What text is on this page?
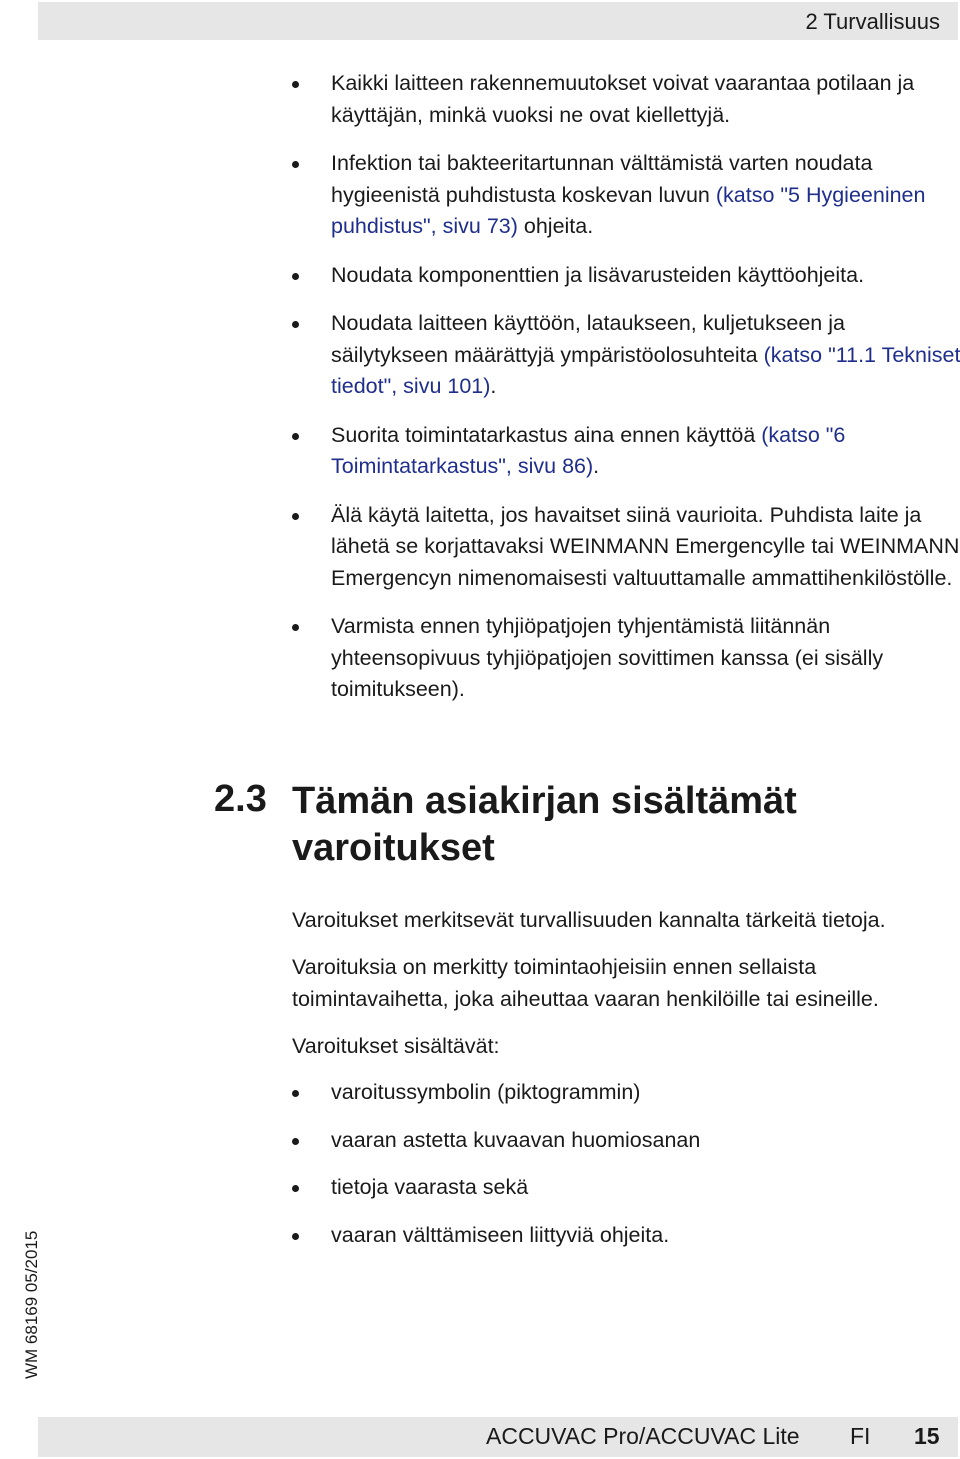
2 Turvallisuus
Kaikki laitteen rakennemuutokset voivat vaarantaa potilaan ja käyttäjän, minkä vuoksi ne ovat kiellettyjä.
Infektion tai bakteeritartunnan välttämistä varten noudata hygieenistä puhdistusta koskevan luvun (katso "5 Hygieeninen puhdistus", sivu 73) ohjeita.
Noudata komponenttien ja lisävarusteiden käyttöohjeita.
Noudata laitteen käyttöön, lataukseen, kuljetukseen ja säilytykseen määrättyjä ympäristöolosuhteita (katso "11.1 Tekniset tiedot", sivu 101).
Suorita toimintatarkastus aina ennen käyttöä (katso "6 Toimintatarkastus", sivu 86).
Älä käytä laitetta, jos havaitset siinä vaurioita. Puhdista laite ja lähetä se korjattavaksi WEINMANN Emergencylle tai WEINMANN Emergencyn nimenomaisesti valtuuttamalle ammattihenkilöstölle.
Varmista ennen tyhjiöpatjojen tyhjentämistä liitännän yhteensopivuus tyhjiöpatjojen sovittimen kanssa (ei sisälly toimitukseen).
2.3 Tämän asiakirjan sisältämät varoitukset

Varoitukset merkitsevät turvallisuuden kannalta tärkeitä tietoja.

Varoituksia on merkitty toimintaohjeisiin ennen sellaista toimintavaihetta, joka aiheuttaa vaaran henkilöille tai esineille.

Varoitukset sisältävät:

varoitussymbolin (piktogrammin)
vaaran astetta kuvaavan huomiosanan
tietoja vaarasta sekä
vaaran välttämiseen liittyviä ohjeita.
WM 68169 05/2015
ACCUVAC Pro/ACCUVAC Lite FI 15
